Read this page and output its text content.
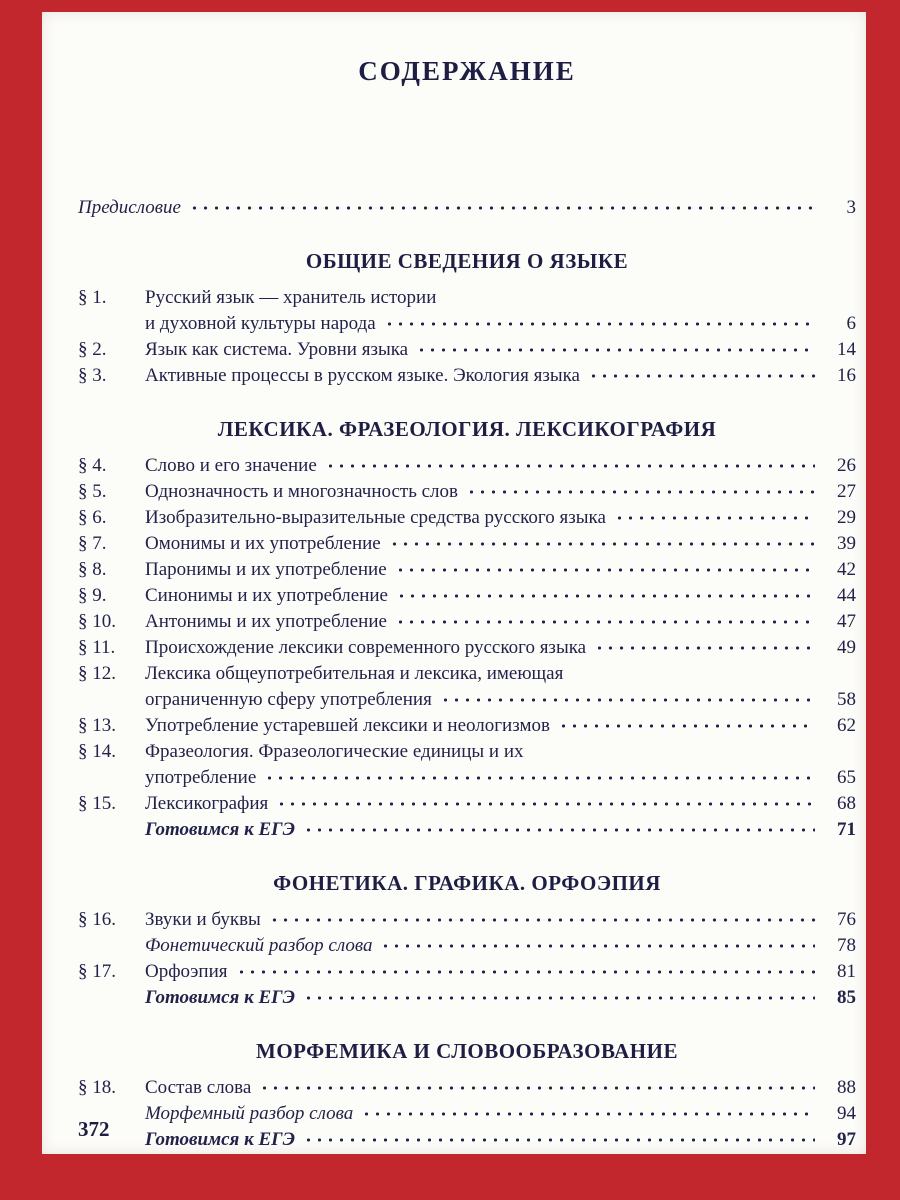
СОДЕРЖАНИЕ
Предисловие	3
ОБЩИЕ СВЕДЕНИЯ О ЯЗЫКЕ
§ 1.	Русский язык — хранитель истории
и духовной культуры народа	6
§ 2.	Язык как система. Уровни языка	14
§ 3.	Активные процессы в русском языке. Экология языка	16
ЛЕКСИКА. ФРАЗЕОЛОГИЯ. ЛЕКСИКОГРАФИЯ
§ 4.	Слово и его значение	26
§ 5.	Однозначность и многозначность слов	27
§ 6.	Изобразительно-выразительные средства русского языка	29
§ 7.	Омонимы и их употребление	39
§ 8.	Паронимы и их употребление	42
§ 9.	Синонимы и их употребление	44
§ 10.	Антонимы и их употребление	47
§ 11.	Происхождение лексики современного русского языка	49
§ 12.	Лексика общеупотребительная и лексика, имеющая
ограниченную сферу употребления	58
§ 13.	Употребление устаревшей лексики и неологизмов	62
§ 14.	Фразеология. Фразеологические единицы и их
употребление	65
§ 15.	Лексикография	68
Готовимся к ЕГЭ	71
ФОНЕТИКА. ГРАФИКА. ОРФОЭПИЯ
§ 16.	Звуки и буквы	76
Фонетический разбор слова	78
§ 17.	Орфоэпия	81
Готовимся к ЕГЭ	85
МОРФЕМИКА И СЛОВООБРАЗОВАНИЕ
§ 18.	Состав слова	88
Морфемный разбор слова	94
Готовимся к ЕГЭ	97
372
